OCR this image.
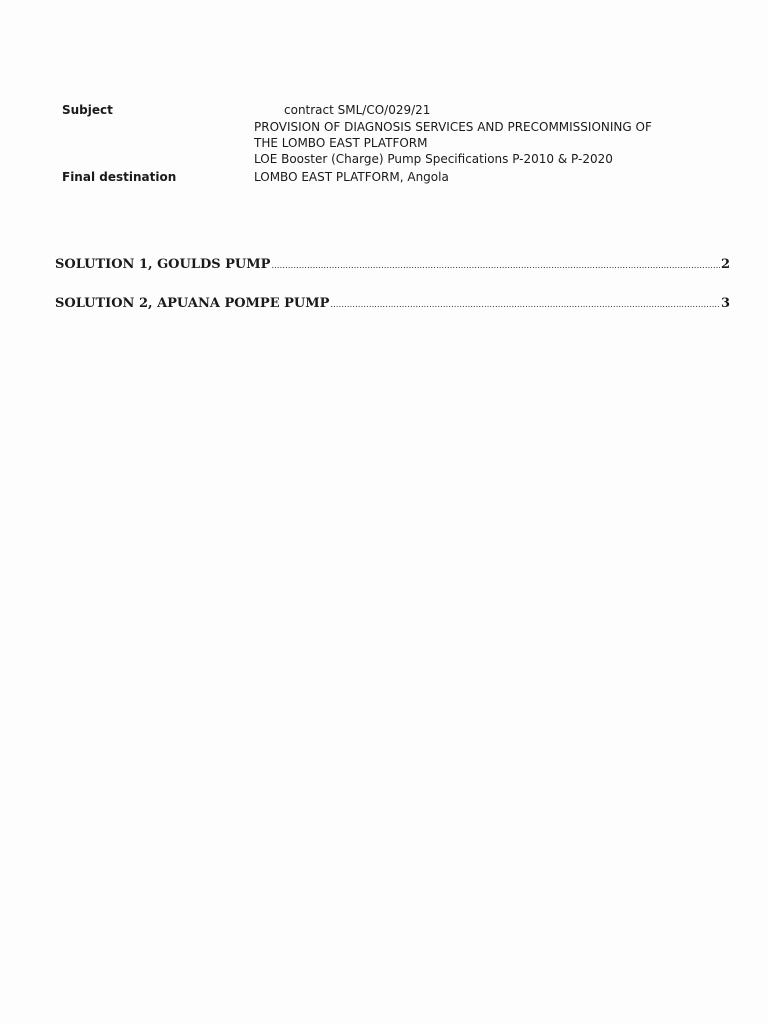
Subject	contract SML/CO/029/21
PROVISION OF DIAGNOSIS SERVICES AND PRECOMMISSIONING OF
THE LOMBO EAST PLATFORM
LOE Booster (Charge) Pump Specifications P-2010 & P-2020
Final destination	LOMBO EAST PLATFORM, Angola
SOLUTION 1, GOULDS PUMP .....	2
SOLUTION 2, APUANA POMPE PUMP .....	3
